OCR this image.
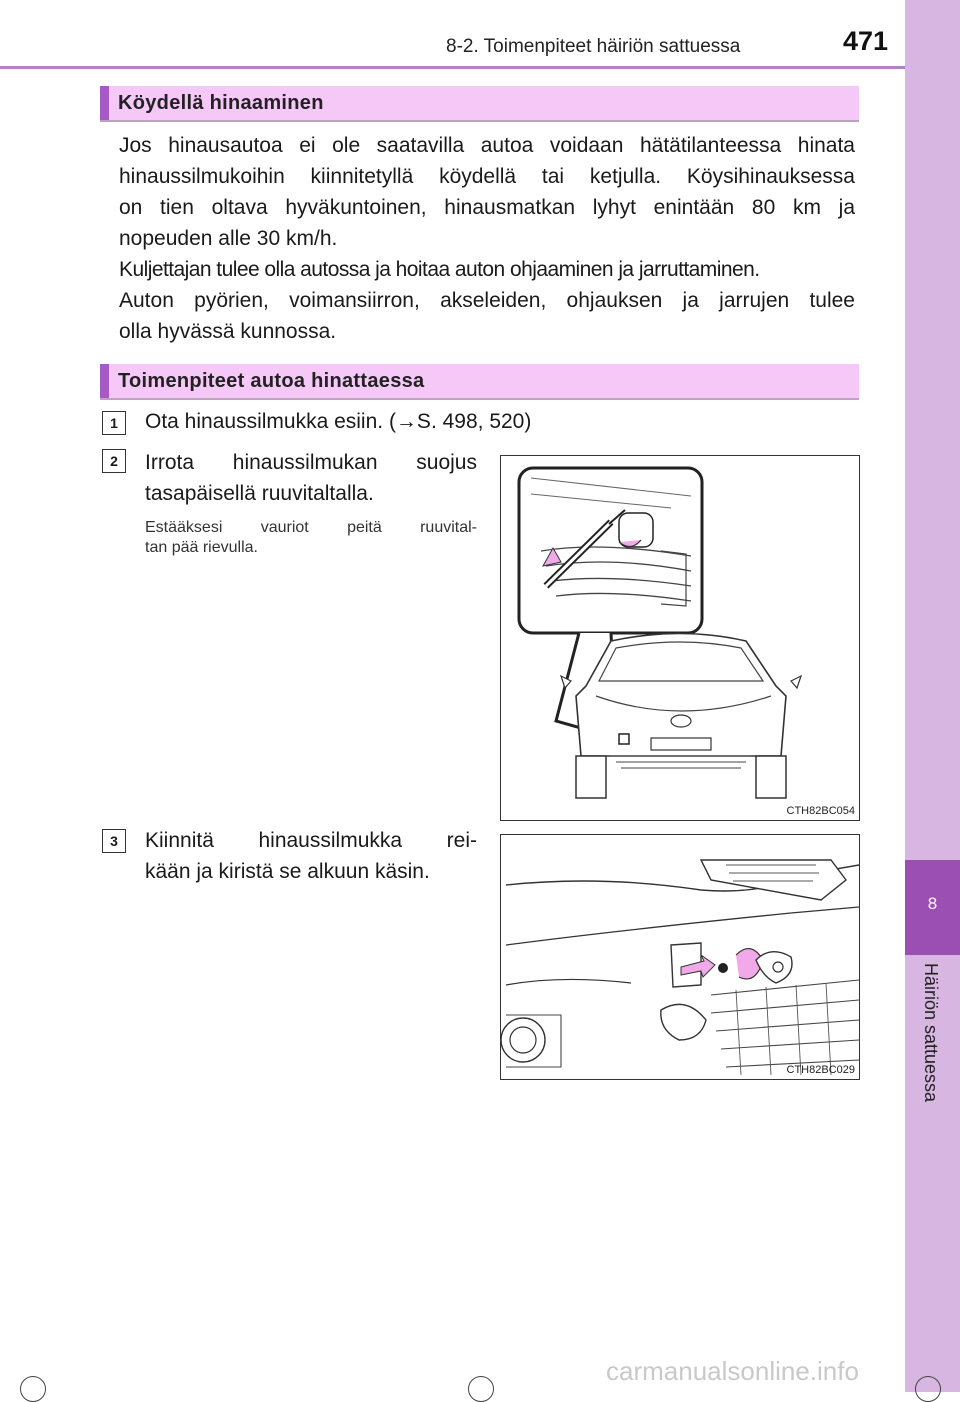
8-2. Toimenpiteet häiriön sattuessa	471
8
Häiriön sattuessa
Köydellä hinaaminen
Jos hinausautoa ei ole saatavilla autoa voidaan hätätilanteessa hinata
hinaussilmukoihin kiinnitetyllä köydellä tai ketjulla. Köysihinauksessa
on tien oltava hyväkuntoinen, hinausmatkan lyhyt enintään 80 km ja
nopeuden alle 30 km/h.
Kuljettajan tulee olla autossa ja hoitaa auton ohjaaminen ja jarruttaminen.
Auton pyörien, voimansiirron, akseleiden, ohjauksen ja jarrujen tulee
olla hyvässä kunnossa.
Toimenpiteet autoa hinattaessa
1	Ota hinaussilmukka esiin. (→S. 498, 520)
2	Irrota hinaussilmukan suojus
tasapäisellä ruuvitaltalla.
Estääksesi vauriot peitä ruuvital-
tan pää rievulla.
CTH82BC054
3	Kiinnitä hinaussilmukka rei-
kään ja kiristä se alkuun käsin.
CTH82BC029
carmanualsonline.info
